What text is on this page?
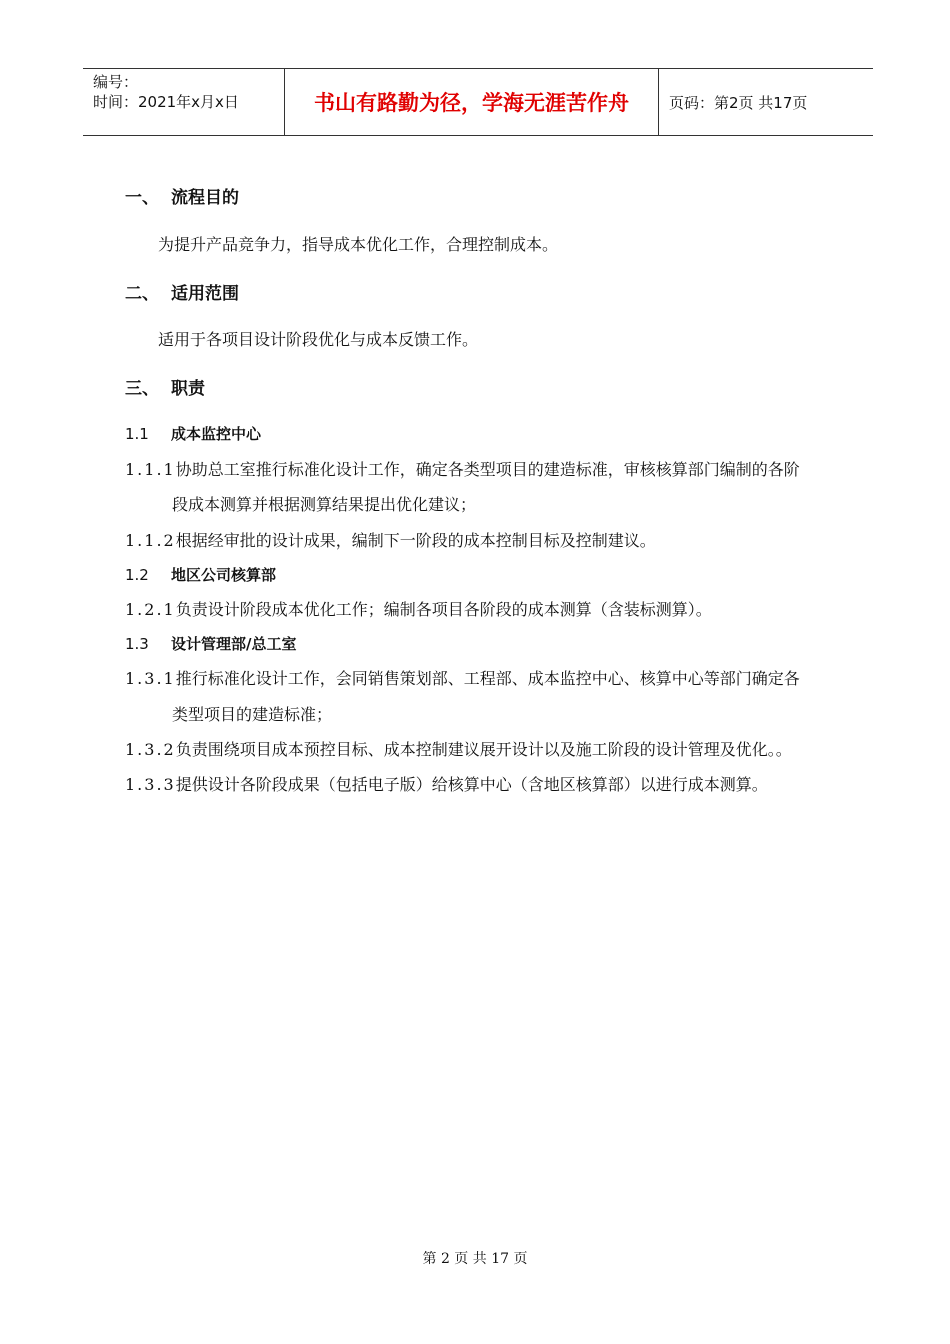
编号：
时间：2021年x月x日	书山有路勤为径，学海无涯苦作舟	页码：第2页 共17页
一、 流程目的
为提升产品竞争力，指导成本优化工作，合理控制成本。
二、 适用范围
适用于各项目设计阶段优化与成本反馈工作。
三、 职责
1.1 成本监控中心
1.1.1协助总工室推行标准化设计工作，确定各类型项目的建造标准，审核核算部门编制的各阶
段成本测算并根据测算结果提出优化建议；
1.1.2根据经审批的设计成果，编制下一阶段的成本控制目标及控制建议。
1.2 地区公司核算部
1.2.1负责设计阶段成本优化工作；编制各项目各阶段的成本测算（含装标测算）。
1.3 设计管理部/总工室
1.3.1推行标准化设计工作，会同销售策划部、工程部、成本监控中心、核算中心等部门确定各
类型项目的建造标准；
1.3.2负责围绕项目成本预控目标、成本控制建议展开设计以及施工阶段的设计管理及优化。。
1.3.3提供设计各阶段成果（包括电子版）给核算中心（含地区核算部）以进行成本测算。
第 2 页 共 17 页
